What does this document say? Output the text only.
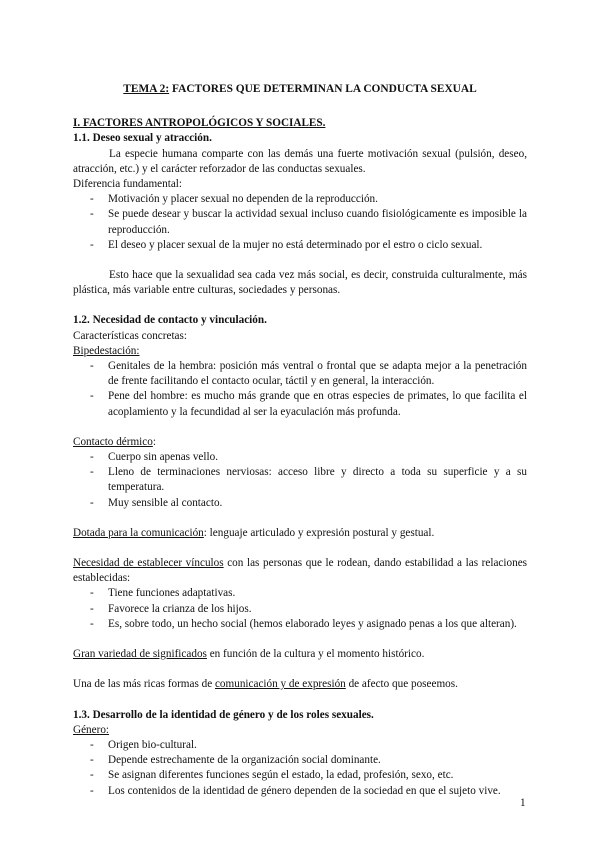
TEMA 2: FACTORES QUE DETERMINAN LA CONDUCTA SEXUAL
I. FACTORES ANTROPOLÓGICOS Y SOCIALES.
1.1. Deseo sexual y atracción.

La especie humana comparte con las demás una fuerte motivación sexual (pulsión, deseo, atracción, etc.) y el carácter reforzador de las conductas sexuales.

Diferencia fundamental:

- Motivación y placer sexual no dependen de la reproducción.
- Se puede desear y buscar la actividad sexual incluso cuando fisiológicamente es imposible la reproducción.
- El deseo y placer sexual de la mujer no está determinado por el estro o ciclo sexual.

Esto hace que la sexualidad sea cada vez más social, es decir, construida culturalmente, más plástica, más variable entre culturas, sociedades y personas.

1.2. Necesidad de contacto y vinculación.

Características concretas:

Bipedestación:

- Genitales de la hembra: posición más ventral o frontal que se adapta mejor a la penetración de frente facilitando el contacto ocular, táctil y en general, la interacción.
- Pene del hombre: es mucho más grande que en otras especies de primates, lo que facilita el acoplamiento y la fecundidad al ser la eyaculación más profunda.

Contacto dérmico:

- Cuerpo sin apenas vello.
- Lleno de terminaciones nerviosas: acceso libre y directo a toda su superficie y a su temperatura.
- Muy sensible al contacto.

Dotada para la comunicación: lenguaje articulado y expresión postural y gestual.

Necesidad de establecer vínculos con las personas que le rodean, dando estabilidad a las relaciones establecidas:

- Tiene funciones adaptativas.
- Favorece la crianza de los hijos.
- Es, sobre todo, un hecho social (hemos elaborado leyes y asignado penas a los que alteran).

Gran variedad de significados en función de la cultura y el momento histórico.

Una de las más ricas formas de comunicación y de expresión de afecto que poseemos.

1.3. Desarrollo de la identidad de género y de los roles sexuales.

Género:

- Origen bio-cultural.
- Depende estrechamente de la organización social dominante.
- Se asignan diferentes funciones según el estado, la edad, profesión, sexo, etc.
- Los contenidos de la identidad de género dependen de la sociedad en que el sujeto vive.
1
